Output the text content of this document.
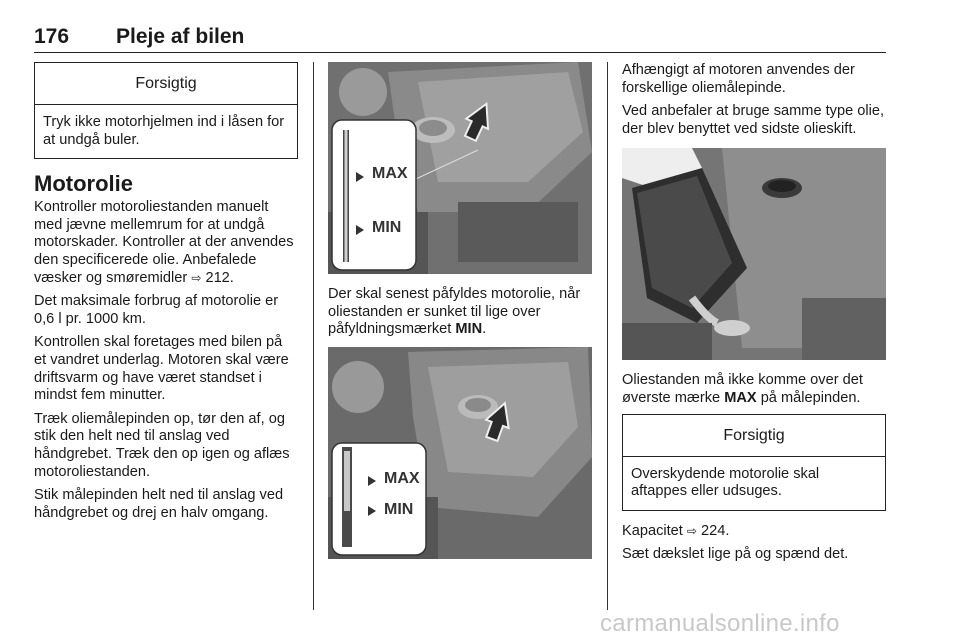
176 Pleje af bilen
Forsigtig
Tryk ikke motorhjelmen ind i låsen for at undgå buler.
Motorolie

Kontroller motoroliestanden manuelt med jævne mellemrum for at undgå motorskader. Kontroller at der anvendes den specificerede olie. Anbefalede væsker og smøremidler ⇨ 212.

Det maksimale forbrug af motorolie er 0,6 l pr. 1000 km.

Kontrollen skal foretages med bilen på et vandret underlag. Motoren skal være driftsvarm og have været standset i mindst fem minutter.

Træk oliemålepinden op, tør den af, og stik den helt ned til anslag ved håndgrebet. Træk den op igen og aflæs motoroliestanden.

Stik målepinden helt ned til anslag ved håndgrebet og drej en halv omgang.

MAX
MIN

Der skal senest påfyldes motorolie, når oliestanden er sunket til lige over påfyldningsmærket MIN.

MAX
MIN

Afhængigt af motoren anvendes der forskellige oliemålepinde.

Ved anbefaler at bruge samme type olie, der blev benyttet ved sidste olieskift.

Oliestanden må ikke komme over det øverste mærke MAX på målepinden.

Forsigtig
Overskydende motorolie skal aftappes eller udsuges.

Kapacitet ⇨ 224.

Sæt dækslet lige på og spænd det.

carmanualsonline.info
